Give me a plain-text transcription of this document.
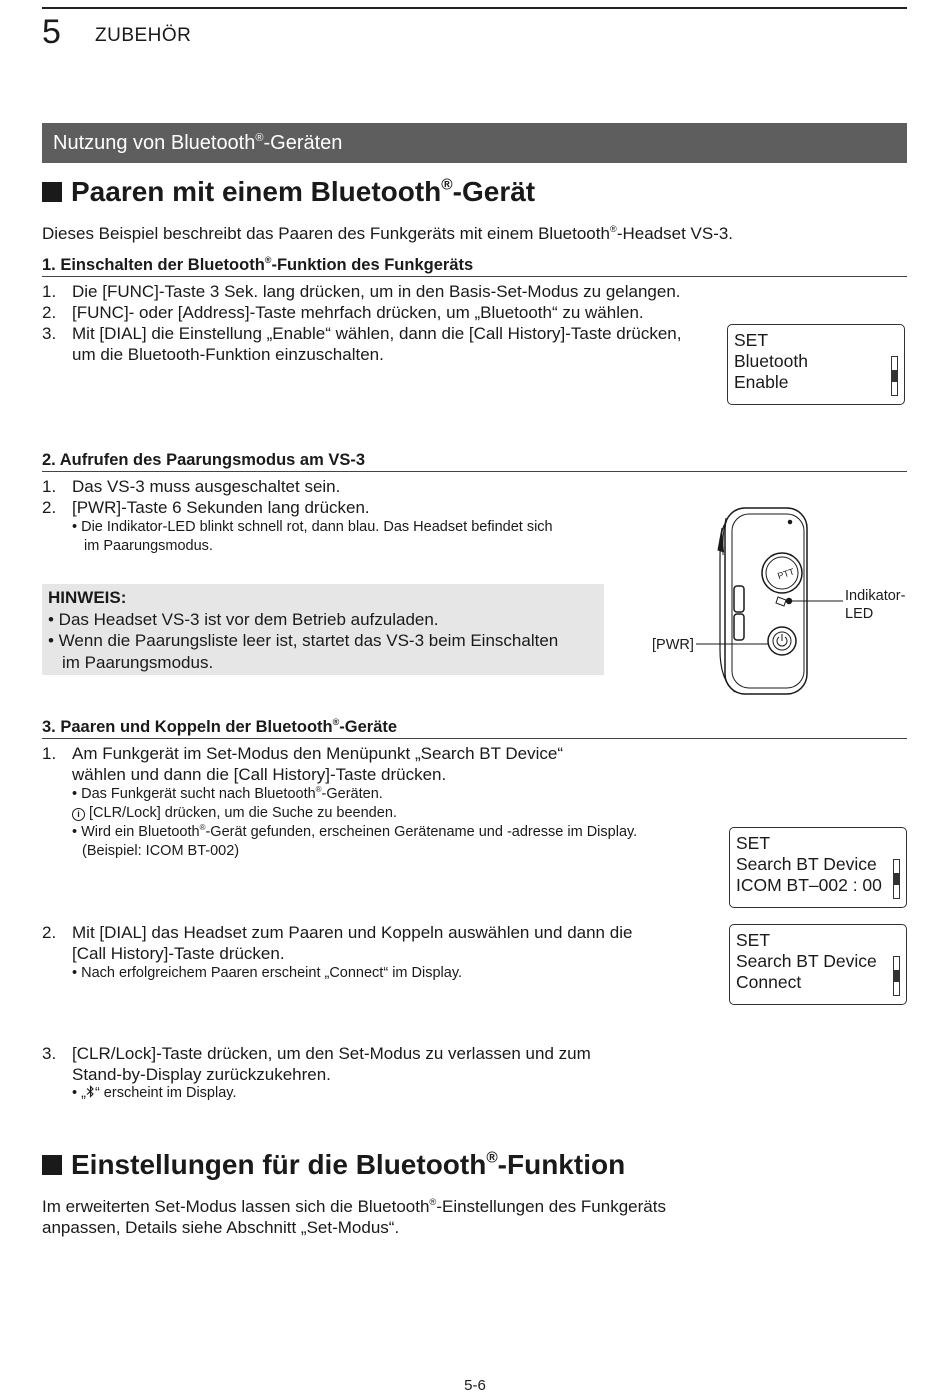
5 ZUBEHÖR
Nutzung von Bluetooth®-Geräten
Paaren mit einem Bluetooth®-Gerät
Dieses Beispiel beschreibt das Paaren des Funkgeräts mit einem Bluetooth®-Headset VS-3.
1. Einschalten der Bluetooth®-Funktion des Funkgeräts
1. Die [FUNC]-Taste 3 Sek. lang drücken, um in den Basis-Set-Modus zu gelangen.
2. [FUNC]- oder [Address]-Taste mehrfach drücken, um „Bluetooth“ zu wählen.
3. Mit [DIAL] die Einstellung „Enable“ wählen, dann die [Call History]-Taste drücken,
um die Bluetooth-Funktion einzuschalten.
SET
Bluetooth
Enable
2. Aufrufen des Paarungsmodus am VS-3
1. Das VS-3 muss ausgeschaltet sein.
2. [PWR]-Taste 6 Sekunden lang drücken.
• Die Indikator-LED blinkt schnell rot, dann blau. Das Headset befindet sich
im Paarungsmodus.
HINWEIS:
• Das Headset VS-3 ist vor dem Betrieb aufzuladen.
• Wenn die Paarungsliste leer ist, startet das VS-3 beim Einschalten
im Paarungsmodus.
PTT
Indikator-
LED
[PWR]
3. Paaren und Koppeln der Bluetooth®-Geräte
1. Am Funkgerät im Set-Modus den Menüpunkt „Search BT Device“
wählen und dann die [Call History]-Taste drücken.
• Das Funkgerät sucht nach Bluetooth®-Geräten.
i [CLR/Lock] drücken, um die Suche zu beenden.
• Wird ein Bluetooth®-Gerät gefunden, erscheinen Gerätename und -adresse im Display.
(Beispiel: ICOM BT-002)	SET
Search BT Device
ICOM BT–002 : 00
2. Mit [DIAL] das Headset zum Paaren und Koppeln auswählen und dann die
[Call History]-Taste drücken.
• Nach erfolgreichem Paaren erscheint „Connect“ im Display.
SET
Search BT Device
Connect
3. [CLR/Lock]-Taste drücken, um den Set-Modus zu verlassen und zum
Stand-by-Display zurückzukehren.
• „ “ erscheint im Display.
Einstellungen für die Bluetooth®-Funktion
Im erweiterten Set-Modus lassen sich die Bluetooth®-Einstellungen des Funkgeräts
anpassen, Details siehe Abschnitt „Set-Modus“.
5-6
